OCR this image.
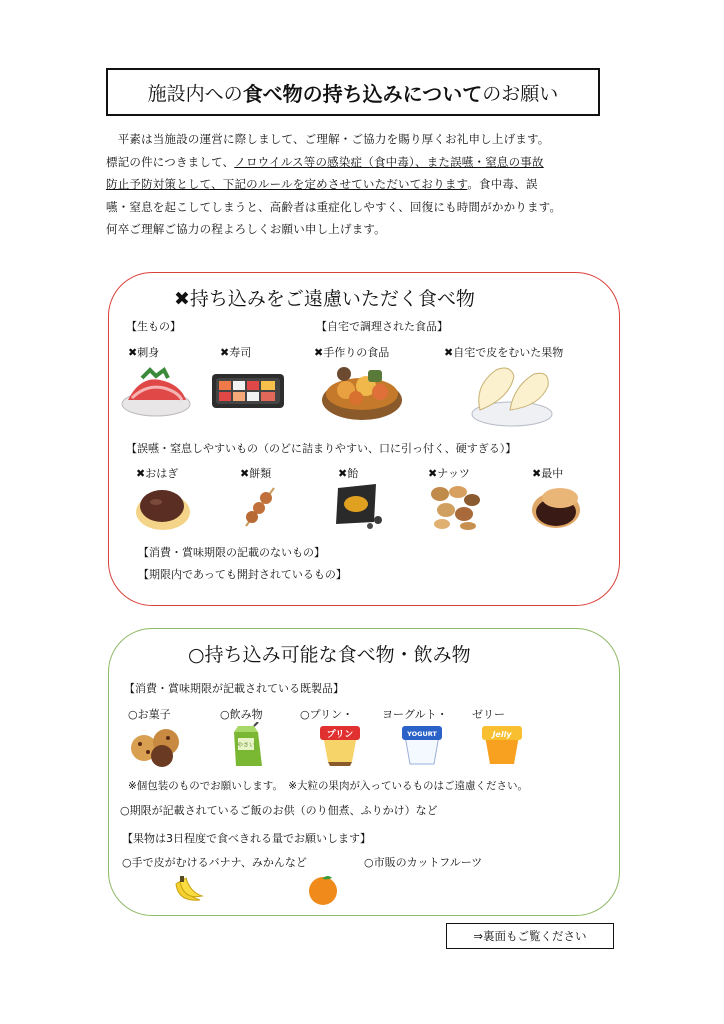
施設内への 食べ物の持ち込みについて のお願い

　平素は当施設の運営に際しまして、ご理解・ご協力を賜り厚くお礼申し上げます。

標記の件につきまして、ノロウイルス等の感染症（食中毒）、また誤嚥・窒息の事故

防止予防対策として、下記のルールを定めさせていただいております。食中毒、誤

嚥・窒息を起こしてしまうと、高齢者は重症化しやすく、回復にも時間がかかります。

何卒ご理解ご協力の程よろしくお願い申し上げます。

✖持ち込みをご遠慮いただく食べ物
【生もの】	【自宅で調理された食品】
✖刺身	✖寿司	✖手作りの食品	✖自宅で皮をむいた果物
【誤嚥・窒息しやすいもの（のどに詰まりやすい、口に引っ付く、硬すぎる）】
✖おはぎ	✖餅類	✖飴	✖ナッツ	✖最中
【消費・賞味期限の記載のないもの】
【期限内であっても開封されているもの】
○持ち込み可能な食べ物・飲み物
【消費・賞味期限が記載されている既製品】
○お菓子	○飲み物	○プリン・	ヨーグルト・ ゼリー
やさい
プリン	YOGURT	Jelly
※個包装のものでお願いします。　※大粒の果肉が入っているものはご遠慮ください。
○期限が記載されているご飯のお供（のり佃煮、ふりかけ）など
【果物は3日程度で食べきれる量でお願いします】
○手で皮がむけるバナナ、みかんなど	○市販のカットフルーツ
⇒裏面もご覧ください
